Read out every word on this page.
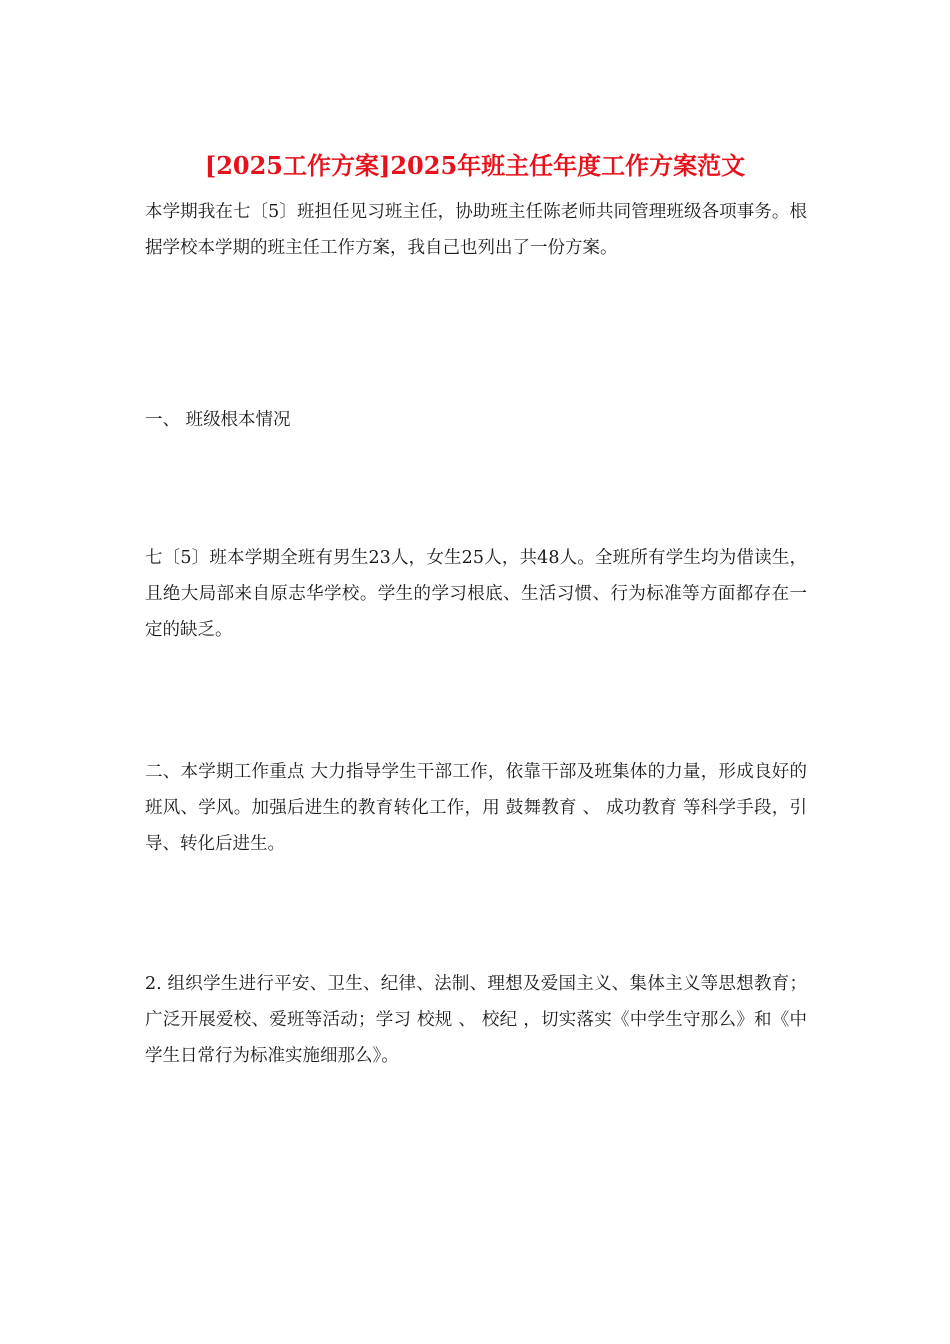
[2025工作方案]2025年班主任年度工作方案范文

本学期我在七〔5〕班担任见习班主任，协助班主任陈老师共同管理班级各项事务。根据学校本学期的班主任工作方案，我自己也列出了一份方案。

一、 班级根本情况

七〔5〕班本学期全班有男生23人，女生25人，共48人。全班所有学生均为借读生，且绝大局部来自原志华学校。学生的学习根底、生活习惯、行为标准等方面都存在一定的缺乏。

二、本学期工作重点 大力指导学生干部工作，依靠干部及班集体的力量，形成良好的班风、学风。加强后进生的教育转化工作，用 鼓舞教育 、 成功教育 等科学手段，引导、转化后进生。

2. 组织学生进行平安、卫生、纪律、法制、理想及爱国主义、集体主义等思想教育；广泛开展爱校、爱班等活动；学习 校规 、 校纪 ，切实落实《中学生守那么》和《中学生日常行为标准实施细那么》。
